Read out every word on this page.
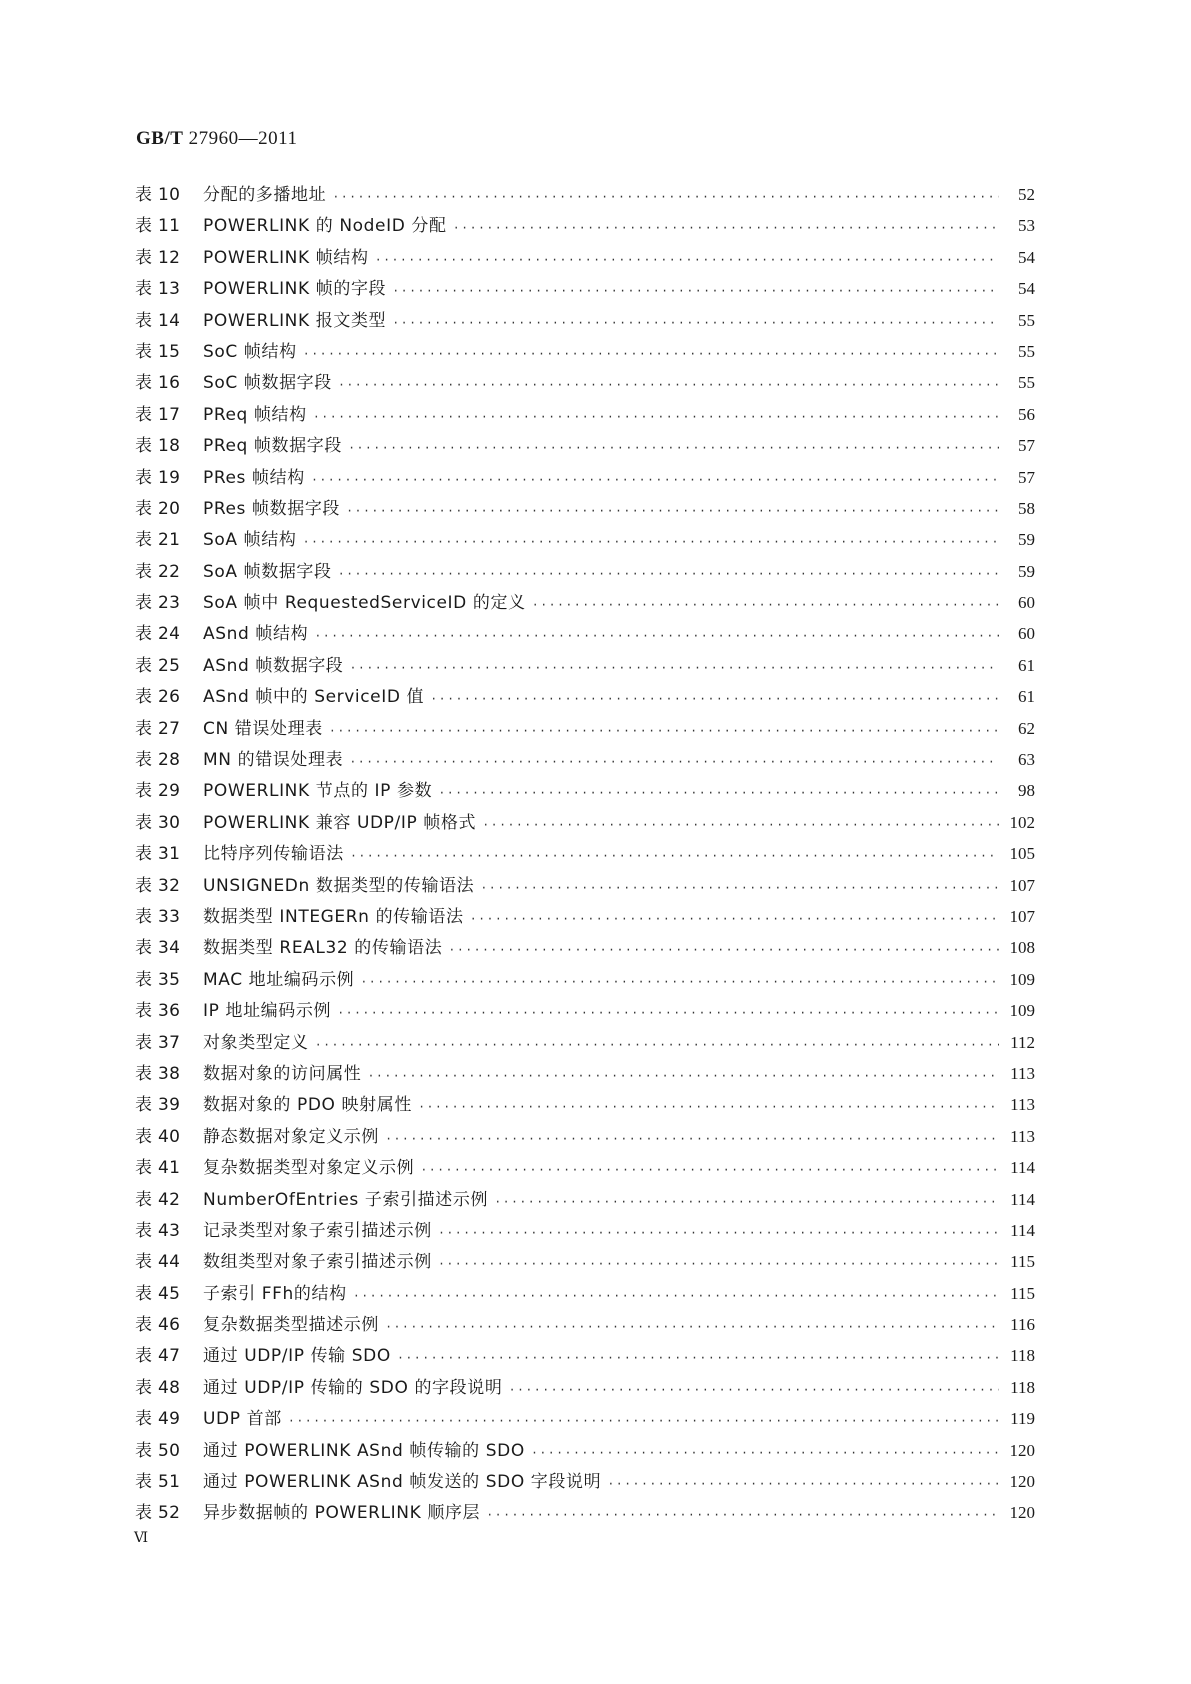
GB/T 27960—2011
表 10	分配的多播地址 ·····	52
表 11	POWERLINK 的 NodeID 分配 ·····	53
表 12	POWERLINK 帧结构 ·····	54
表 13	POWERLINK 帧的字段 ·····	54
表 14	POWERLINK 报文类型 ·····	55
表 15	SoC 帧结构 ·····	55
表 16	SoC 帧数据字段 ·····	55
表 17	PReq 帧结构 ·····	56
表 18	PReq 帧数据字段 ·····	57
表 19	PRes 帧结构 ·····	57
表 20	PRes 帧数据字段 ·····	58
表 21	SoA 帧结构 ·····	59
表 22	SoA 帧数据字段 ·····	59
表 23	SoA 帧中 RequestedServiceID 的定义 ·····	60
表 24	ASnd 帧结构 ·····	60
表 25	ASnd 帧数据字段 ·····	61
表 26	ASnd 帧中的 ServiceID 值 ·····	61
表 27	CN 错误处理表 ·····	62
表 28	MN 的错误处理表 ·····	63
表 29	POWERLINK 节点的 IP 参数 ·····	98
表 30	POWERLINK 兼容 UDP/IP 帧格式 ·····	102
表 31	比特序列传输语法 ·····	105
表 32	UNSIGNEDn 数据类型的传输语法 ·····	107
表 33	数据类型 INTEGERn 的传输语法 ·····	107
表 34	数据类型 REAL32 的传输语法 ·····	108
表 35	MAC 地址编码示例 ·····	109
表 36	IP 地址编码示例 ·····	109
表 37	对象类型定义 ·····	112
表 38	数据对象的访问属性 ·····	113
表 39	数据对象的 PDO 映射属性 ·····	113
表 40	静态数据对象定义示例 ·····	113
表 41	复杂数据类型对象定义示例 ·····	114
表 42	NumberOfEntries 子索引描述示例 ·····	114
表 43	记录类型对象子索引描述示例 ·····	114
表 44	数组类型对象子索引描述示例 ·····	115
表 45	子索引 FFh的结构 ·····	115
表 46	复杂数据类型描述示例 ·····	116
表 47	通过 UDP/IP 传输 SDO ·····	118
表 48	通过 UDP/IP 传输的 SDO 的字段说明 ·····	118
表 49	UDP 首部 ·····	119
表 50	通过 POWERLINK ASnd 帧传输的 SDO ·····	120
表 51	通过 POWERLINK ASnd 帧发送的 SDO 字段说明 ·····	120
表 52	异步数据帧的 POWERLINK 顺序层 ·····	120
Ⅵ
